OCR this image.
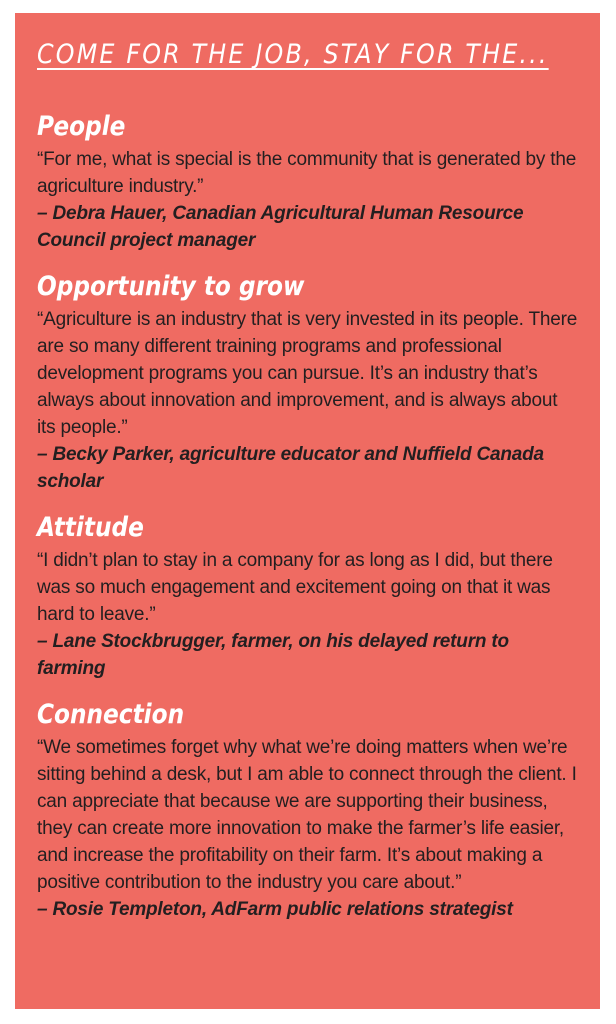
COME FOR THE JOB, STAY FOR THE...
People

“For me, what is special is the community that is generated by the agriculture industry.”

– Debra Hauer, Canadian Agricultural Human Resource Council project manager

Opportunity to grow

“Agriculture is an industry that is very invested in its people. There are so many different training programs and professional development programs you can pursue. It’s an industry that’s always about innovation and improvement, and is always about its people.”

– Becky Parker, agriculture educator and Nuffield Canada scholar

Attitude

“I didn’t plan to stay in a company for as long as I did, but there was so much engagement and excitement going on that it was hard to leave.”

– Lane Stockbrugger, farmer, on his delayed return to farming

Connection

“We sometimes forget why what we’re doing matters when we’re sitting behind a desk, but I am able to connect through the client. I can appreciate that because we are supporting their business, they can create more innovation to make the farmer’s life easier, and increase the profitability on their farm. It’s about making a positive contribution to the industry you care about.”

– Rosie Templeton, AdFarm public relations strategist
